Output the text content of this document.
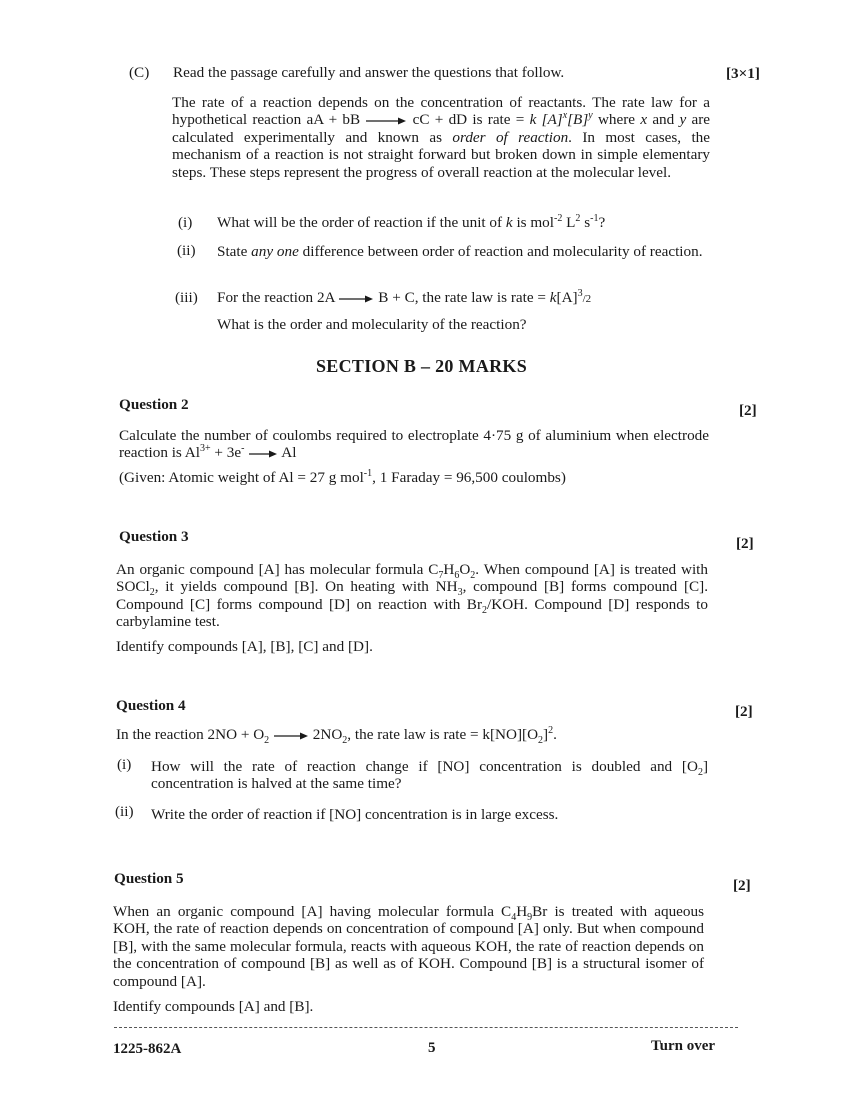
(C) Read the passage carefully and answer the questions that follow.	[3×1]
The rate of a reaction depends on the concentration of reactants. The rate law for a hypothetical reaction aA + bB → cC + dD is rate = k $[A]^x[B]^y$ where x and y are calculated experimentally and known as order of reaction. In most cases, the mechanism of a reaction is not straight forward but broken down in simple elementary steps. These steps represent the progress of overall reaction at the molecular level.
(i) What will be the order of reaction if the unit of k is mol$^{-2}$ $L^2$ $s^{-1}$?
(ii) State any one difference between order of reaction and molecularity of reaction.
(iii) For the reaction 2A → B + C, the rate law is rate = $k[A]^3/2$
What is the order and molecularity of the reaction?
SECTION B – 20 MARKS
Question 2	[2]
Calculate the number of coulombs required to electroplate 4·75 g of aluminium when electrode reaction is $Al^{3+} + 3e^- \to Al$
(Given: Atomic weight of Al = 27 g mol$^{-1}$, 1 Faraday = 96,500 coulombs)
Question 3	[2]
An organic compound [A] has molecular formula $C_7H_6O_2$. When compound [A] is treated with SOCl$_2$, it yields compound [B]. On heating with $NH_3$, compound [B] forms compound [C]. Compound [C] forms compound [D] on reaction with $Br_2$/KOH. Compound [D] responds to carbylamine test.
Identify compounds [A], [B], [C] and [D].
Question 4	[2]
In the reaction $2NO + O_2 \to 2NO_2$, the rate law is rate = $k[NO][O_2]^2$.
(i) How will the rate of reaction change if [NO] concentration is doubled and $[O_2]$ concentration is halved at the same time?
(ii) Write the order of reaction if [NO] concentration is in large excess.
Question 5	[2]
When an organic compound [A] having molecular formula $C_4H_9Br$ is treated with aqueous KOH, the rate of reaction depends on concentration of compound [A] only. But when compound [B], with the same molecular formula, reacts with aqueous KOH, the rate of reaction depends on the concentration of compound [B] as well as of KOH. Compound [B] is a structural isomer of compound [A].
Identify compounds [A] and [B].
1225-862A	5	Turn over
